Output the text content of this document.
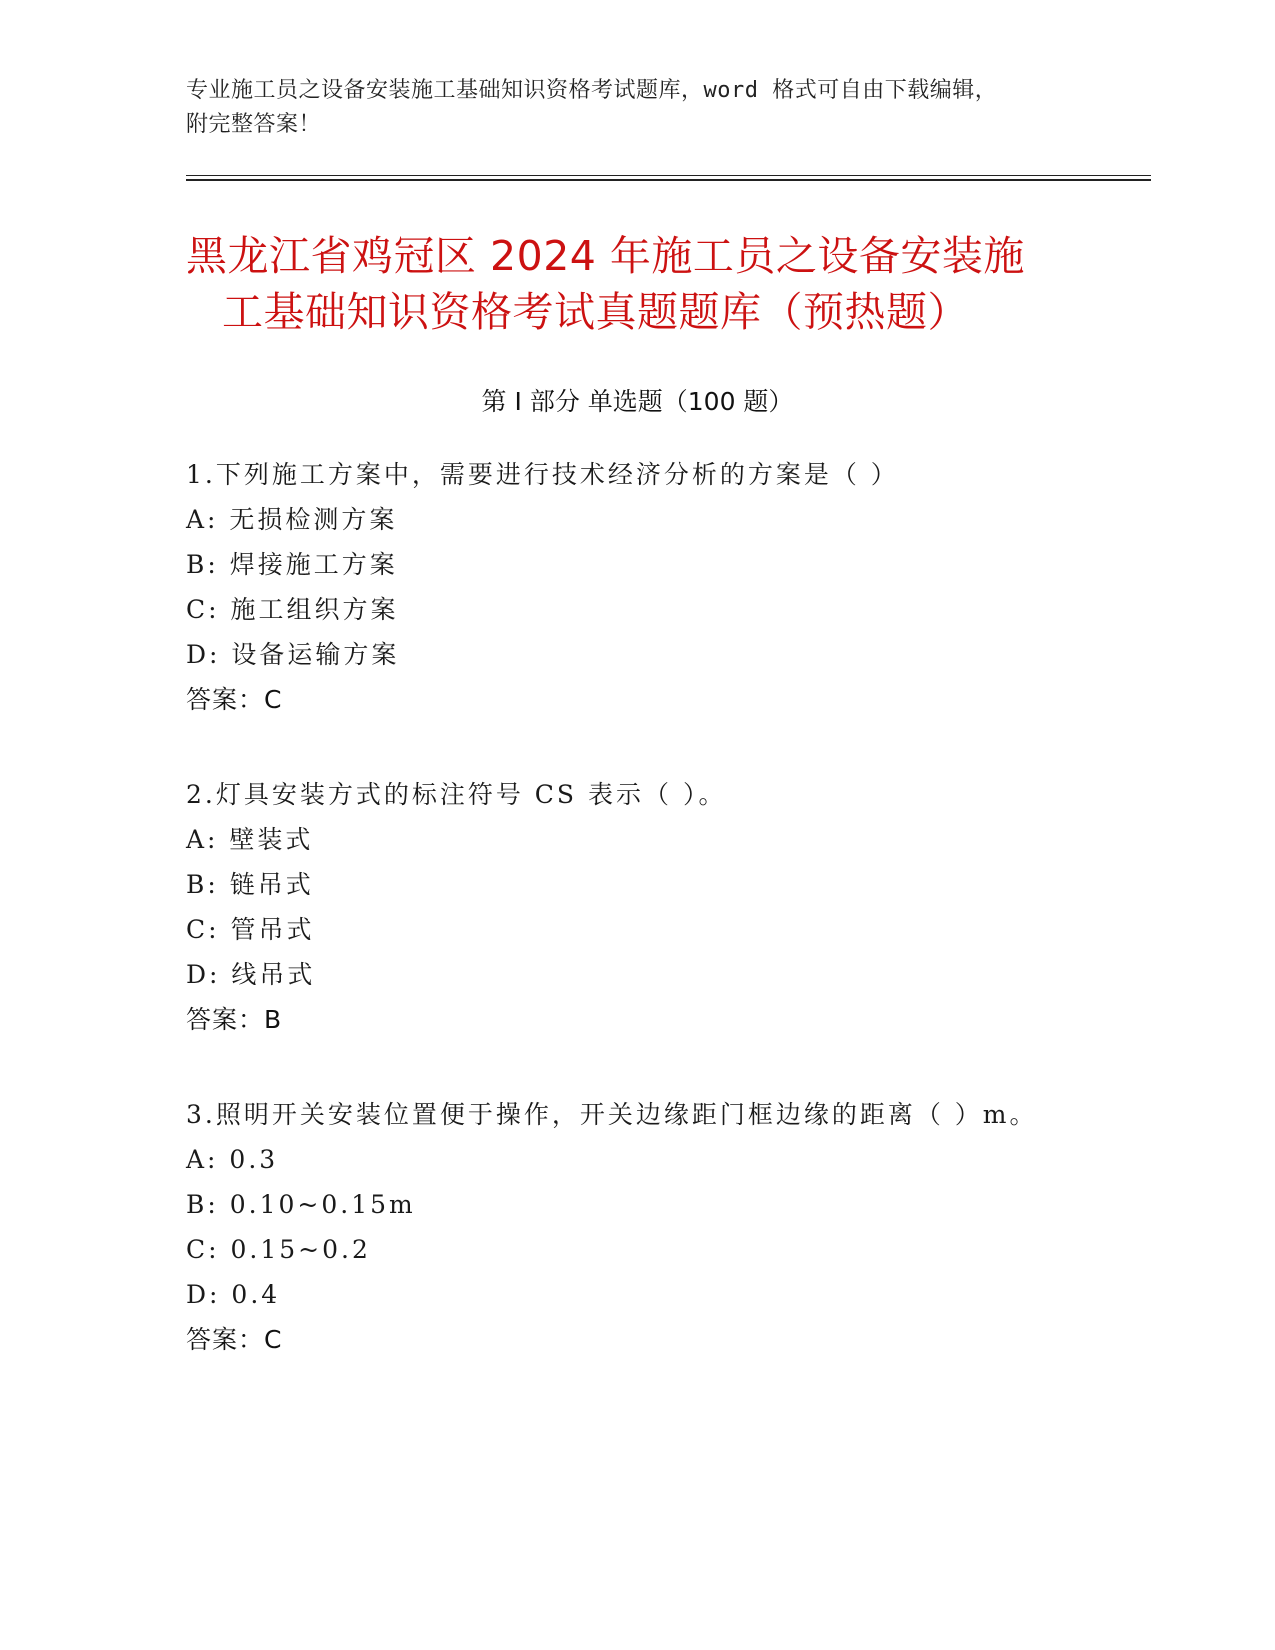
专业施工员之设备安装施工基础知识资格考试题库，word 格式可自由下载编辑，
附完整答案！
黑龙江省鸡冠区 2024 年施工员之设备安装施
工基础知识资格考试真题题库（预热题）
第 I 部分 单选题（100 题）
1.下列施工方案中，需要进行技术经济分析的方案是（ ）
A: 无损检测方案
B: 焊接施工方案
C: 施工组织方案
D: 设备运输方案
答案：C
2.灯具安装方式的标注符号 CS 表示（ ）。
A: 壁装式
B: 链吊式
C: 管吊式
D: 线吊式
答案：B
3.照明开关安装位置便于操作，开关边缘距门框边缘的距离（ ）m。
A: 0.3
B: 0.10~0.15m
C: 0.15~0.2
D: 0.4
答案：C
